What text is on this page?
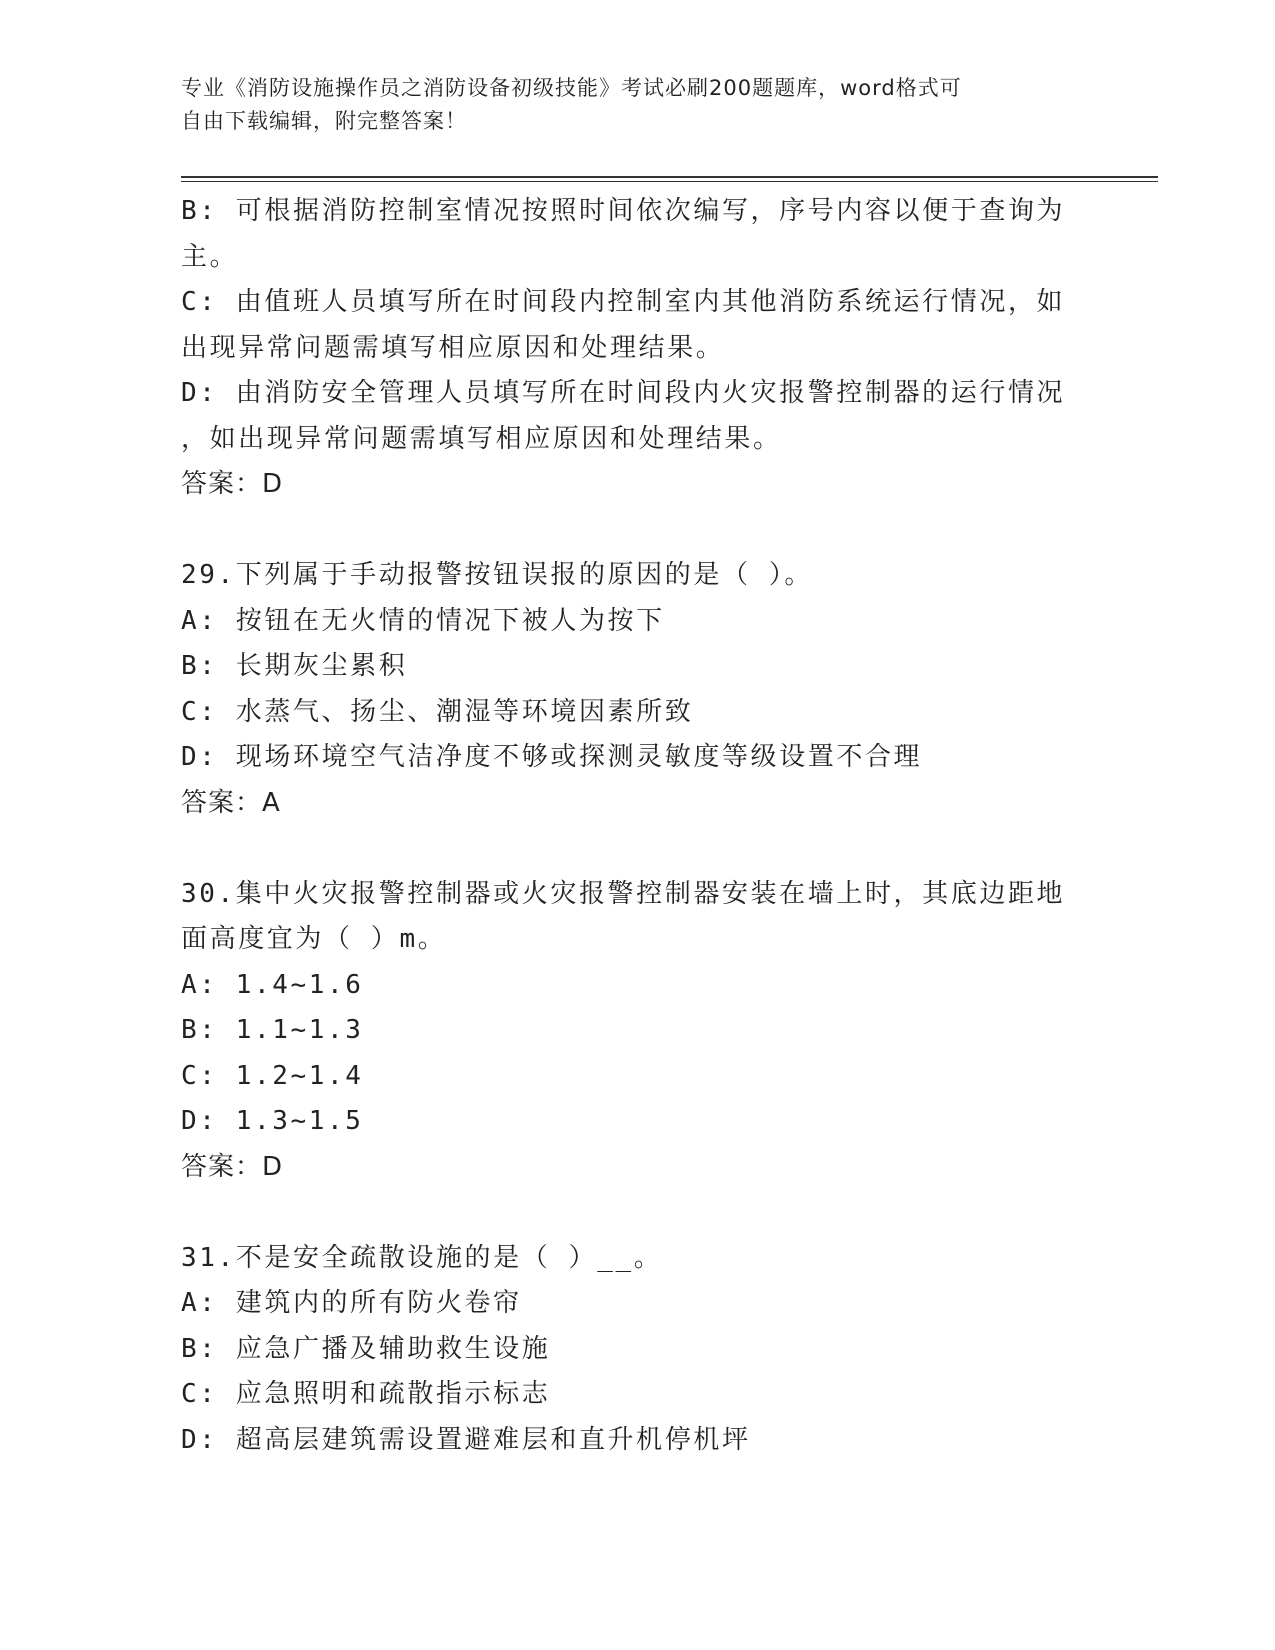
专业《消防设施操作员之消防设备初级技能》考试必刷200题题库，word格式可
自由下载编辑，附完整答案！
B: 可根据消防控制室情况按照时间依次编写，序号内容以便于查询为
主。
C: 由值班人员填写所在时间段内控制室内其他消防系统运行情况，如
出现异常问题需填写相应原因和处理结果。
D: 由消防安全管理人员填写所在时间段内火灾报警控制器的运行情况
，如出现异常问题需填写相应原因和处理结果。
答案：D
29.下列属于手动报警按钮误报的原因的是（ ）。
A: 按钮在无火情的情况下被人为按下
B: 长期灰尘累积
C: 水蒸气、扬尘、潮湿等环境因素所致
D: 现场环境空气洁净度不够或探测灵敏度等级设置不合理
答案：A
30.集中火灾报警控制器或火灾报警控制器安装在墙上时，其底边距地
面高度宜为（ ）m。
A: 1.4~1.6
B: 1.1~1.3
C: 1.2~1.4
D: 1.3~1.5
答案：D
31.不是安全疏散设施的是（ ）__。
A: 建筑内的所有防火卷帘
B: 应急广播及辅助救生设施
C: 应急照明和疏散指示标志
D: 超高层建筑需设置避难层和直升机停机坪
